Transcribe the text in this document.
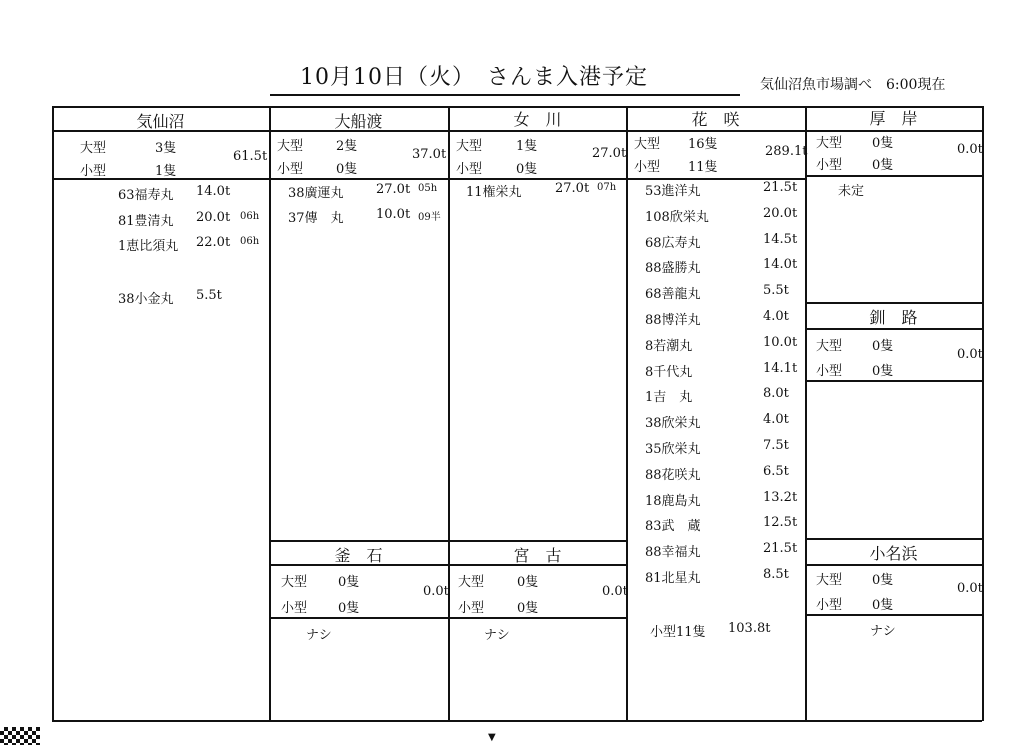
10月10日（火）　さんま入港予定	気仙沼魚市場調べ　6:00現在
気仙沼
大型	3隻
小型	1隻
61.5t
63福寿丸 14.0t
81豊清丸 20.0t 06h
1恵比須丸 22.0t 06h
38小金丸 5.5t
大船渡
大型	2隻
小型	0隻
37.0t
38廣運丸 27.0t 05h
37傳　丸 10.0t 09半
女　川
大型	1隻
小型	0隻
27.0t
11権栄丸	27.0t 07h
花　咲
大型 16隻
小型 11隻
289.1t
53進洋丸	21.5t
108欣栄丸	20.0t
68広寿丸	14.5t
88盛勝丸	14.0t
68善龍丸	5.5t
88博洋丸	4.0t
8若潮丸	10.0t
8千代丸	14.1t
1吉　丸	8.0t
38欣栄丸	4.0t
35欣栄丸	7.5t
88花咲丸	6.5t
18鹿島丸	13.2t
83武　蔵	12.5t
88幸福丸	21.5t
81北星丸	8.5t
小型11隻 103.8t
厚　岸
大型 0隻
小型 0隻
0.0t
未定
釧　路
大型 0隻
小型 0隻
0.0t
釜　石
大型 0隻
小型 0隻
0.0t
ナシ
宮　古
大型	0隻
小型	0隻
0.0t
ナシ
小名浜
大型 0隻
小型 0隻
0.0t
ナシ
▼
